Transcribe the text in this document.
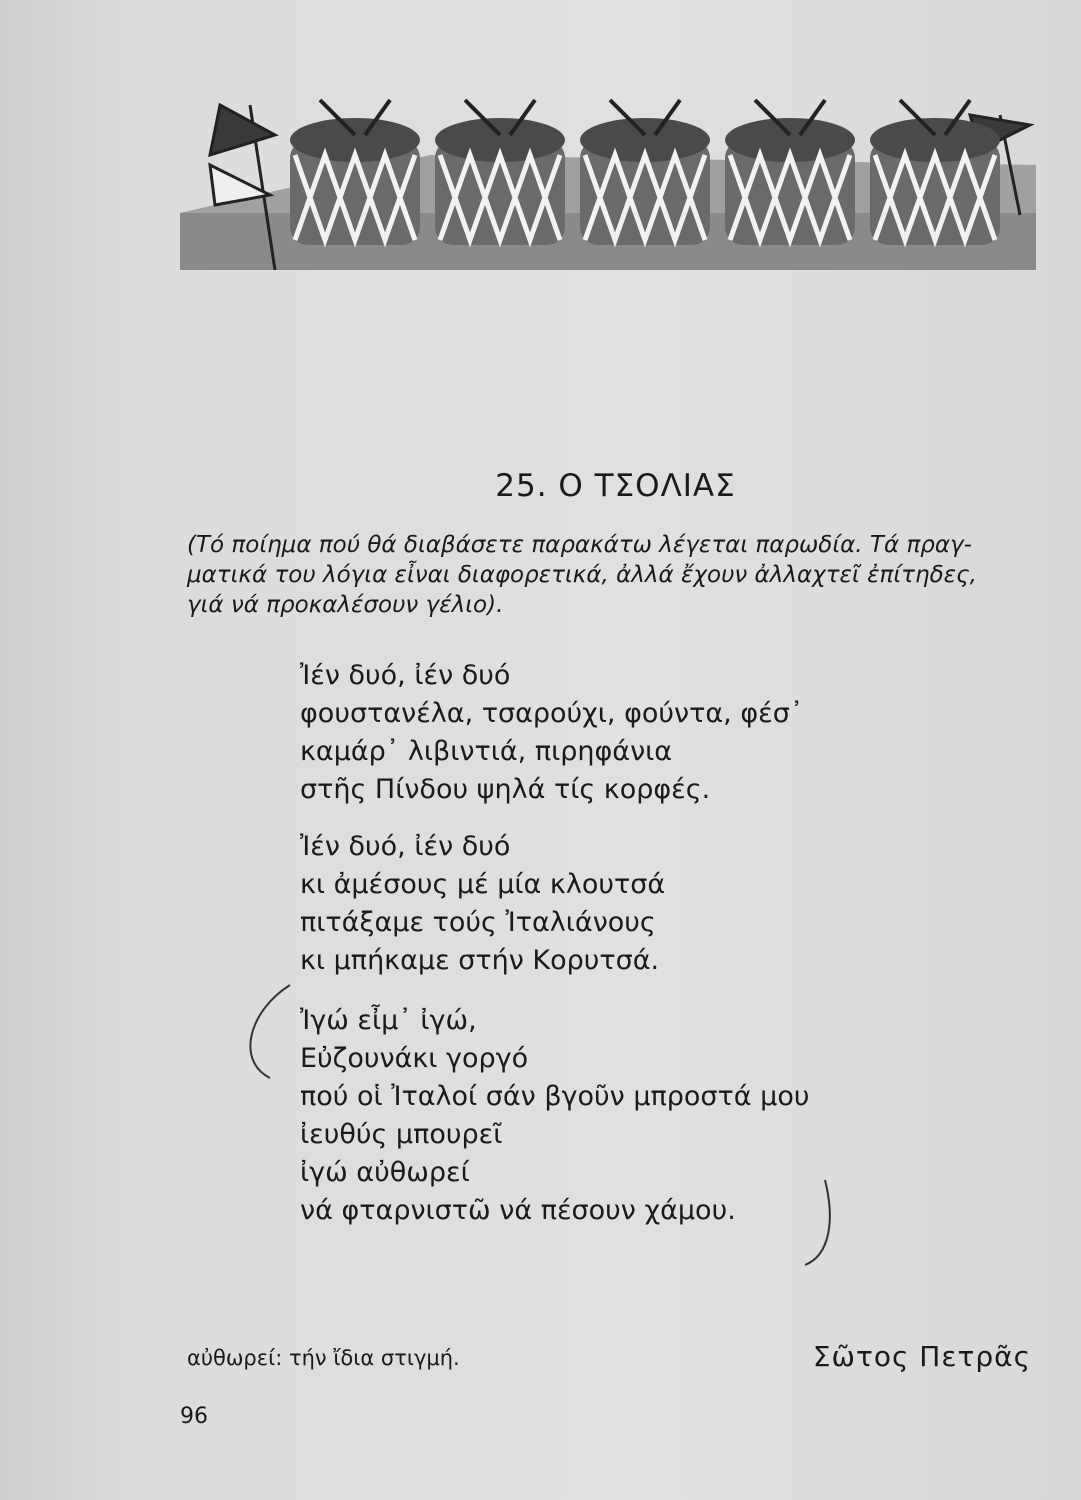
25. Ο ΤΣΟΛΙΑΣ
(Τό ποίημα πού θά διαβάσετε παρακάτω λέγεται παρωδία. Τά πραγ-
ματικά του λόγια εἶναι διαφορετικά, ἀλλά ἔχουν ἀλλαχτεῖ ἐπίτηδες,
γιά νά προκαλέσουν γέλιο).
Ἰέν δυό, ἰέν δυό
φουστανέλα, τσαρούχι, φούντα, φέσ᾿
καμάρ᾿ λιβιντιά, πιρηφάνια
στῆς Πίνδου ψηλά τίς κορφές.
Ἰέν δυό, ἰέν δυό
κι ἀμέσους μέ μία κλουτσά
πιτάξαμε τούς Ἰταλιάνους
κι μπήκαμε στήν Κορυτσά.
Ἰγώ εἶμ᾿ ἰγώ,
Εὐζουνάκι γοργό
πού οἱ Ἰταλοί σάν βγοῦν μπροστά μου
ἰευθύς μπουρεῖ
ἰγώ αὐθωρεί
νά φταρνιστῶ νά πέσουν χάμου.
αὐθωρεί: τήν ἴδια στιγμή.	Σῶτος Πετρᾶς
96
